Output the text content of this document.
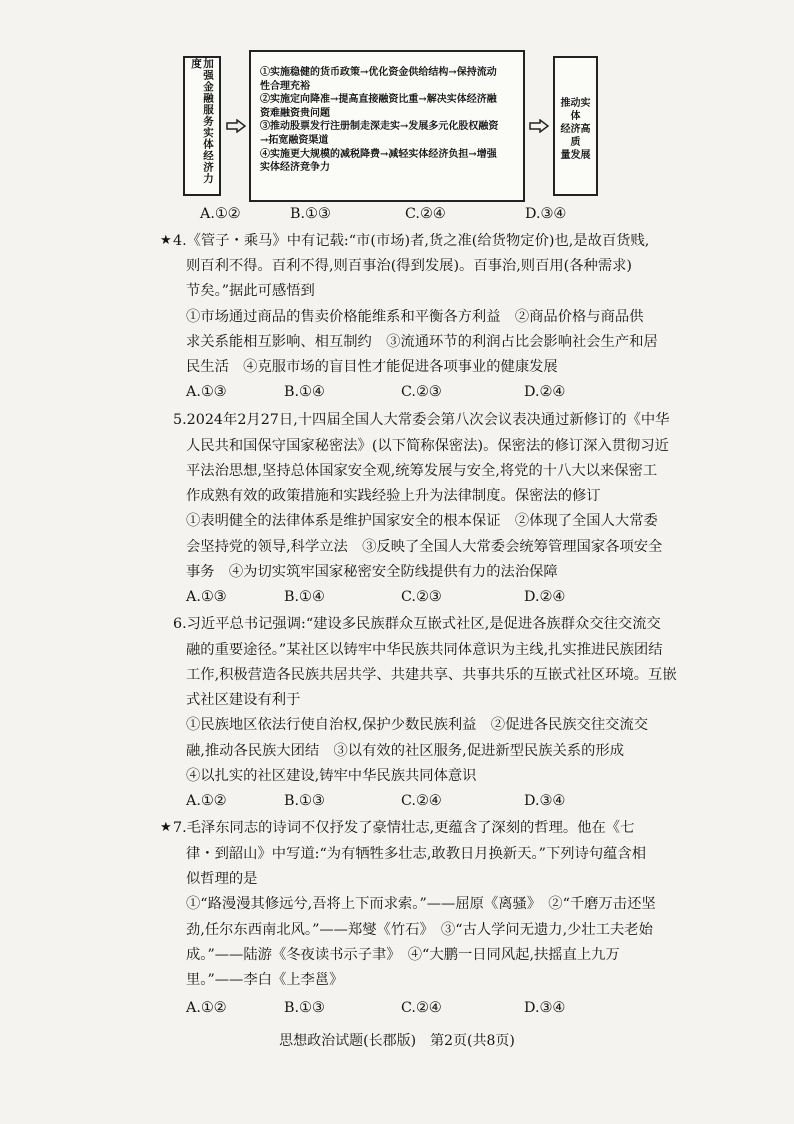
加强金融服务实体经济力度
①实施稳健的货币政策→优化资金供给结构→保持流动
性合理充裕
②实施定向降准→提高直接融资比重→解决实体经济融
资难融资贵问题
③推动股票发行注册制走深走实→发展多元化股权融资
→拓宽融资渠道
④实施更大规模的减税降费→减轻实体经济负担→增强
实体经济竞争力
推动实体
经济高质
量发展
A.①②	B.①③	C.②④	D.③④
★ 4.《管子・乘马》中有记载:“市(市场)者,货之准(给货物定价)也,是故百货贱,
则百利不得。百利不得,则百事治(得到发展)。百事治,则百用(各种需求)
节矣。”据此可感悟到
①市场通过商品的售卖价格能维系和平衡各方利益　②商品价格与商品供
求关系能相互影响、相互制约　③流通环节的利润占比会影响社会生产和居
民生活　④克服市场的盲目性才能促进各项事业的健康发展
A.①③	B.①④	C.②③	D.②④
5.2024年2月27日,十四届全国人大常委会第八次会议表决通过新修订的《中华
人民共和国保守国家秘密法》(以下简称保密法)。保密法的修订深入贯彻习近
平法治思想,坚持总体国家安全观,统筹发展与安全,将党的十八大以来保密工
作成熟有效的政策措施和实践经验上升为法律制度。保密法的修订
①表明健全的法律体系是维护国家安全的根本保证　②体现了全国人大常委
会坚持党的领导,科学立法　③反映了全国人大常委会统筹管理国家各项安全
事务　④为切实筑牢国家秘密安全防线提供有力的法治保障
A.①③	B.①④	C.②③	D.②④
6.习近平总书记强调:“建设多民族群众互嵌式社区,是促进各族群众交往交流交
融的重要途径。”某社区以铸牢中华民族共同体意识为主线,扎实推进民族团结
工作,积极营造各民族共居共学、共建共享、共事共乐的互嵌式社区环境。互嵌
式社区建设有利于
①民族地区依法行使自治权,保护少数民族利益　②促进各民族交往交流交
融,推动各民族大团结　③以有效的社区服务,促进新型民族关系的形成
④以扎实的社区建设,铸牢中华民族共同体意识
A.①②	B.①③	C.②④	D.③④
★ 7.毛泽东同志的诗词不仅抒发了豪情壮志,更蕴含了深刻的哲理。他在《七
律・到韶山》中写道:“为有牺牲多壮志,敢教日月换新天。”下列诗句蕴含相
似哲理的是
①“路漫漫其修远兮,吾将上下而求索。”——屈原《离骚》　②“千磨万击还坚
劲,任尔东西南北风。”——郑燮《竹石》　③“古人学问无遗力,少壮工夫老始
成。”——陆游《冬夜读书示子聿》　④“大鹏一日同风起,扶摇直上九万
里。”——李白《上李邕》
A.①②	B.①③	C.②④	D.③④
思想政治试题(长郡版)　第2页(共8页)
